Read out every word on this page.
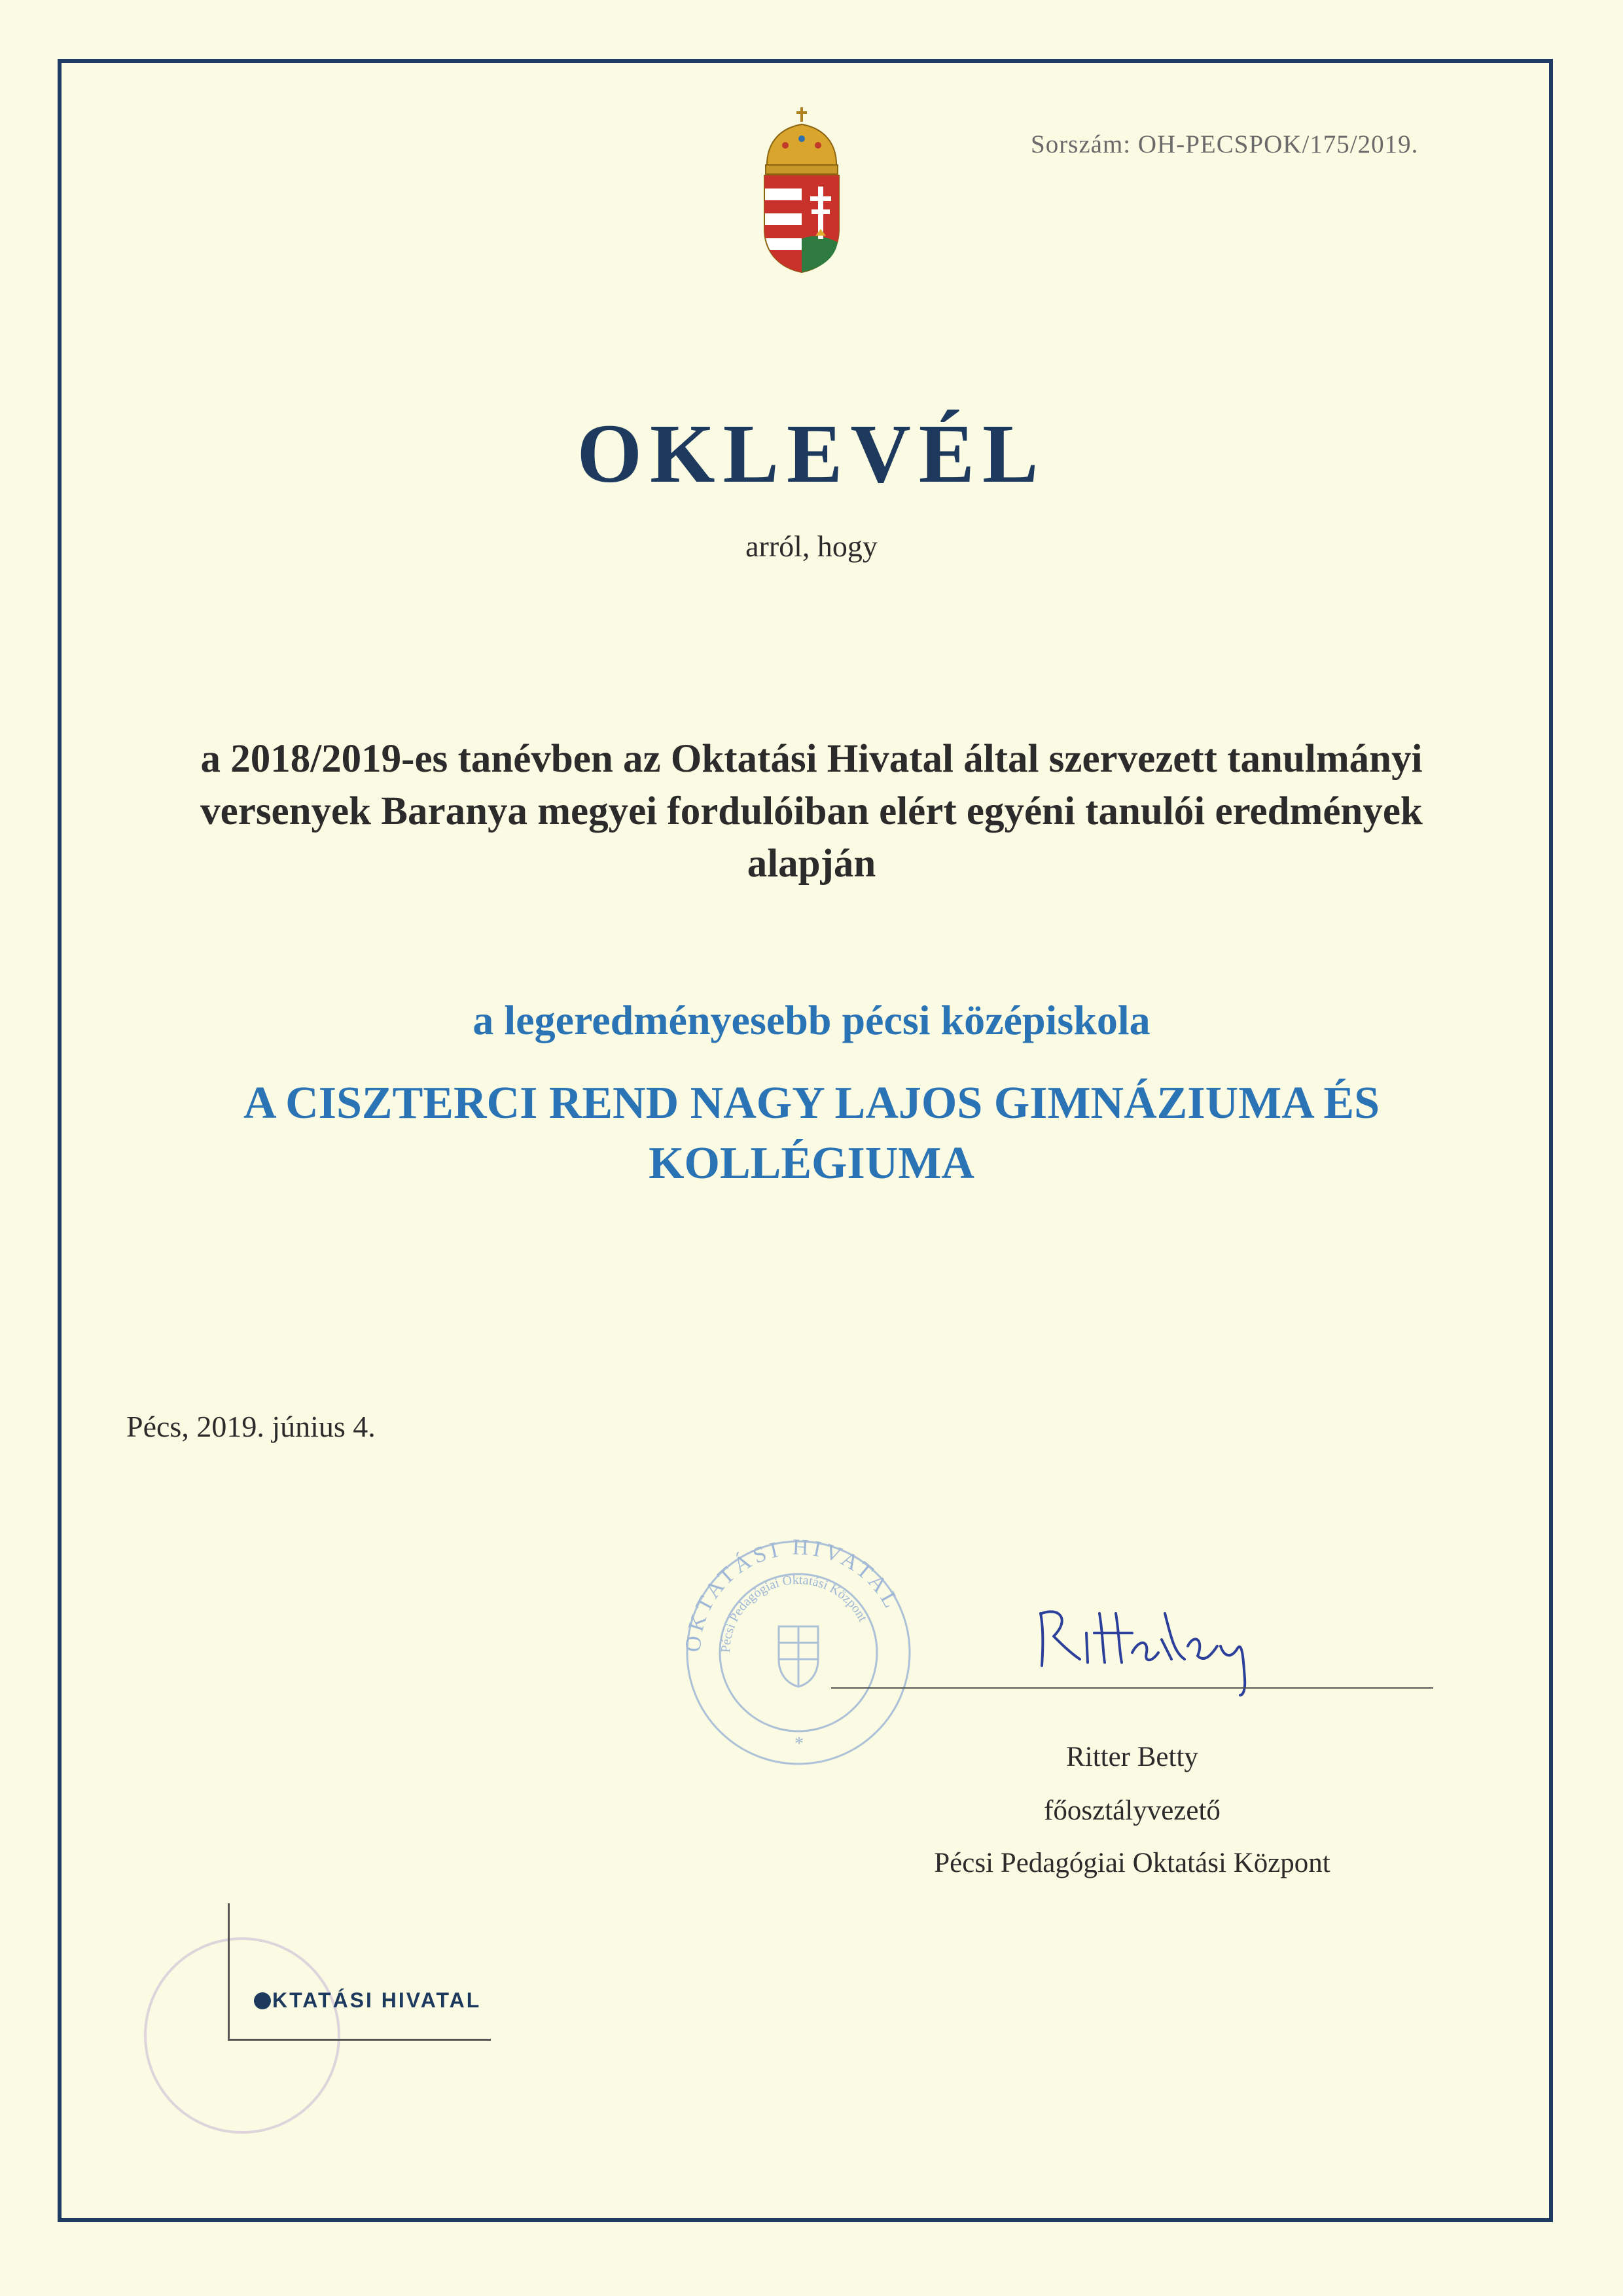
Sorszám: OH-PECSPOK/175/2019.
OKLEVÉL
arról, hogy
a 2018/2019-es tanévben az Oktatási Hivatal által szervezett tanulmányi
versenyek Baranya megyei fordulóiban elért egyéni tanulói eredmények
alapján
a legeredményesebb pécsi középiskola
A CISZTERCI REND NAGY LAJOS GIMNÁZIUMA ÉS
KOLLÉGIUMA
Pécs, 2019. június 4.
OKTATÁSI HIVATAL
Pécsi Pedagógiai Oktatási Központ
*	Ritter Betty
főosztályvezető
Pécsi Pedagógiai Oktatási Központ
KTATÁSI HIVATAL
